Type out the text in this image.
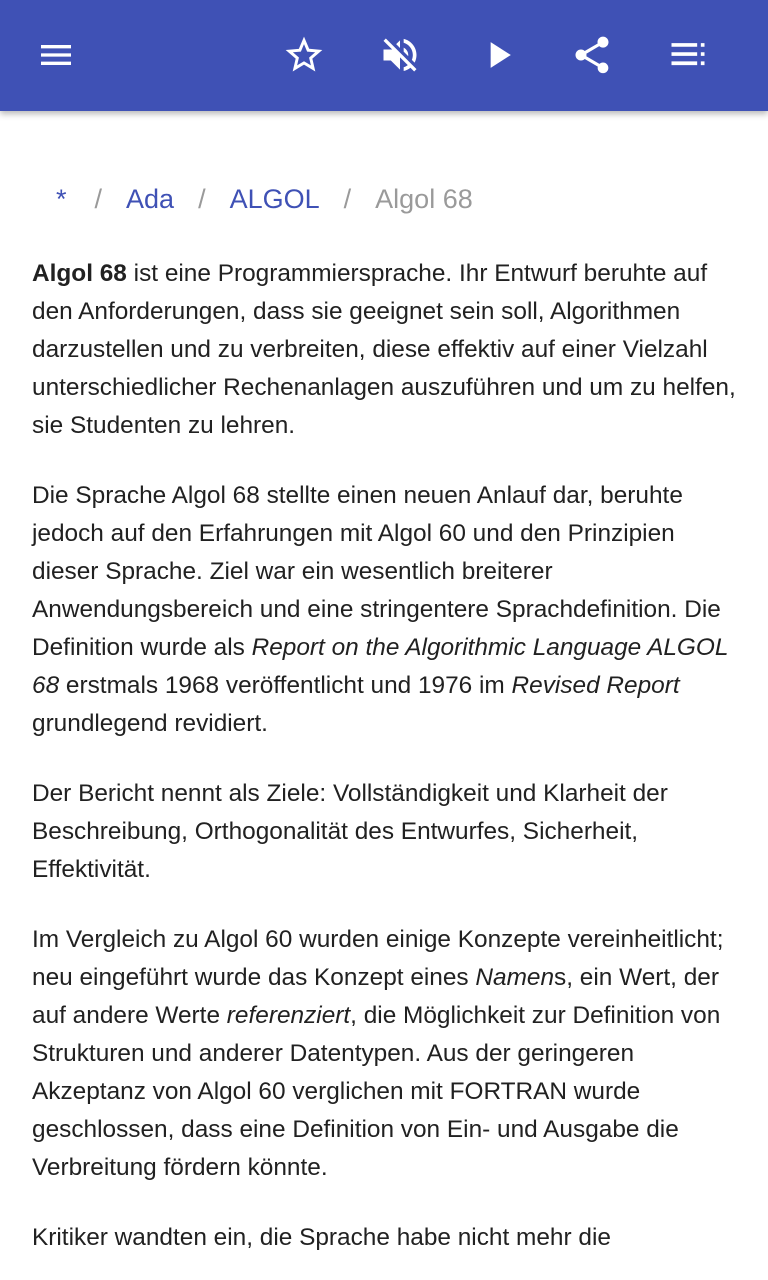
* / Ada / ALGOL / Algol 68

Algol 68 ist eine Programmiersprache. Ihr Entwurf beruhte auf den Anforderungen, dass sie geeignet sein soll, Algorithmen darzustellen und zu verbreiten, diese effektiv auf einer Vielzahl unterschiedlicher Rechenanlagen auszuführen und um zu helfen, sie Studenten zu lehren.

Die Sprache Algol 68 stellte einen neuen Anlauf dar, beruhte jedoch auf den Erfahrungen mit Algol 60 und den Prinzipien dieser Sprache. Ziel war ein wesentlich breiterer Anwendungsbereich und eine stringentere Sprachdefinition. Die Definition wurde als Report on the Algorithmic Language ALGOL 68 erstmals 1968 veröffentlicht und 1976 im Revised Report grundlegend revidiert.

Der Bericht nennt als Ziele: Vollständigkeit und Klarheit der Beschreibung, Orthogonalität des Entwurfes, Sicherheit, Effektivität.

Im Vergleich zu Algol 60 wurden einige Konzepte vereinheitlicht; neu eingeführt wurde das Konzept eines Namens, ein Wert, der auf andere Werte referenziert, die Möglichkeit zur Definition von Strukturen und anderer Datentypen. Aus der geringeren Akzeptanz von Algol 60 verglichen mit FORTRAN wurde geschlossen, dass eine Definition von Ein- und Ausgabe die Verbreitung fördern könnte.

Kritiker wandten ein, die Sprache habe nicht mehr die
